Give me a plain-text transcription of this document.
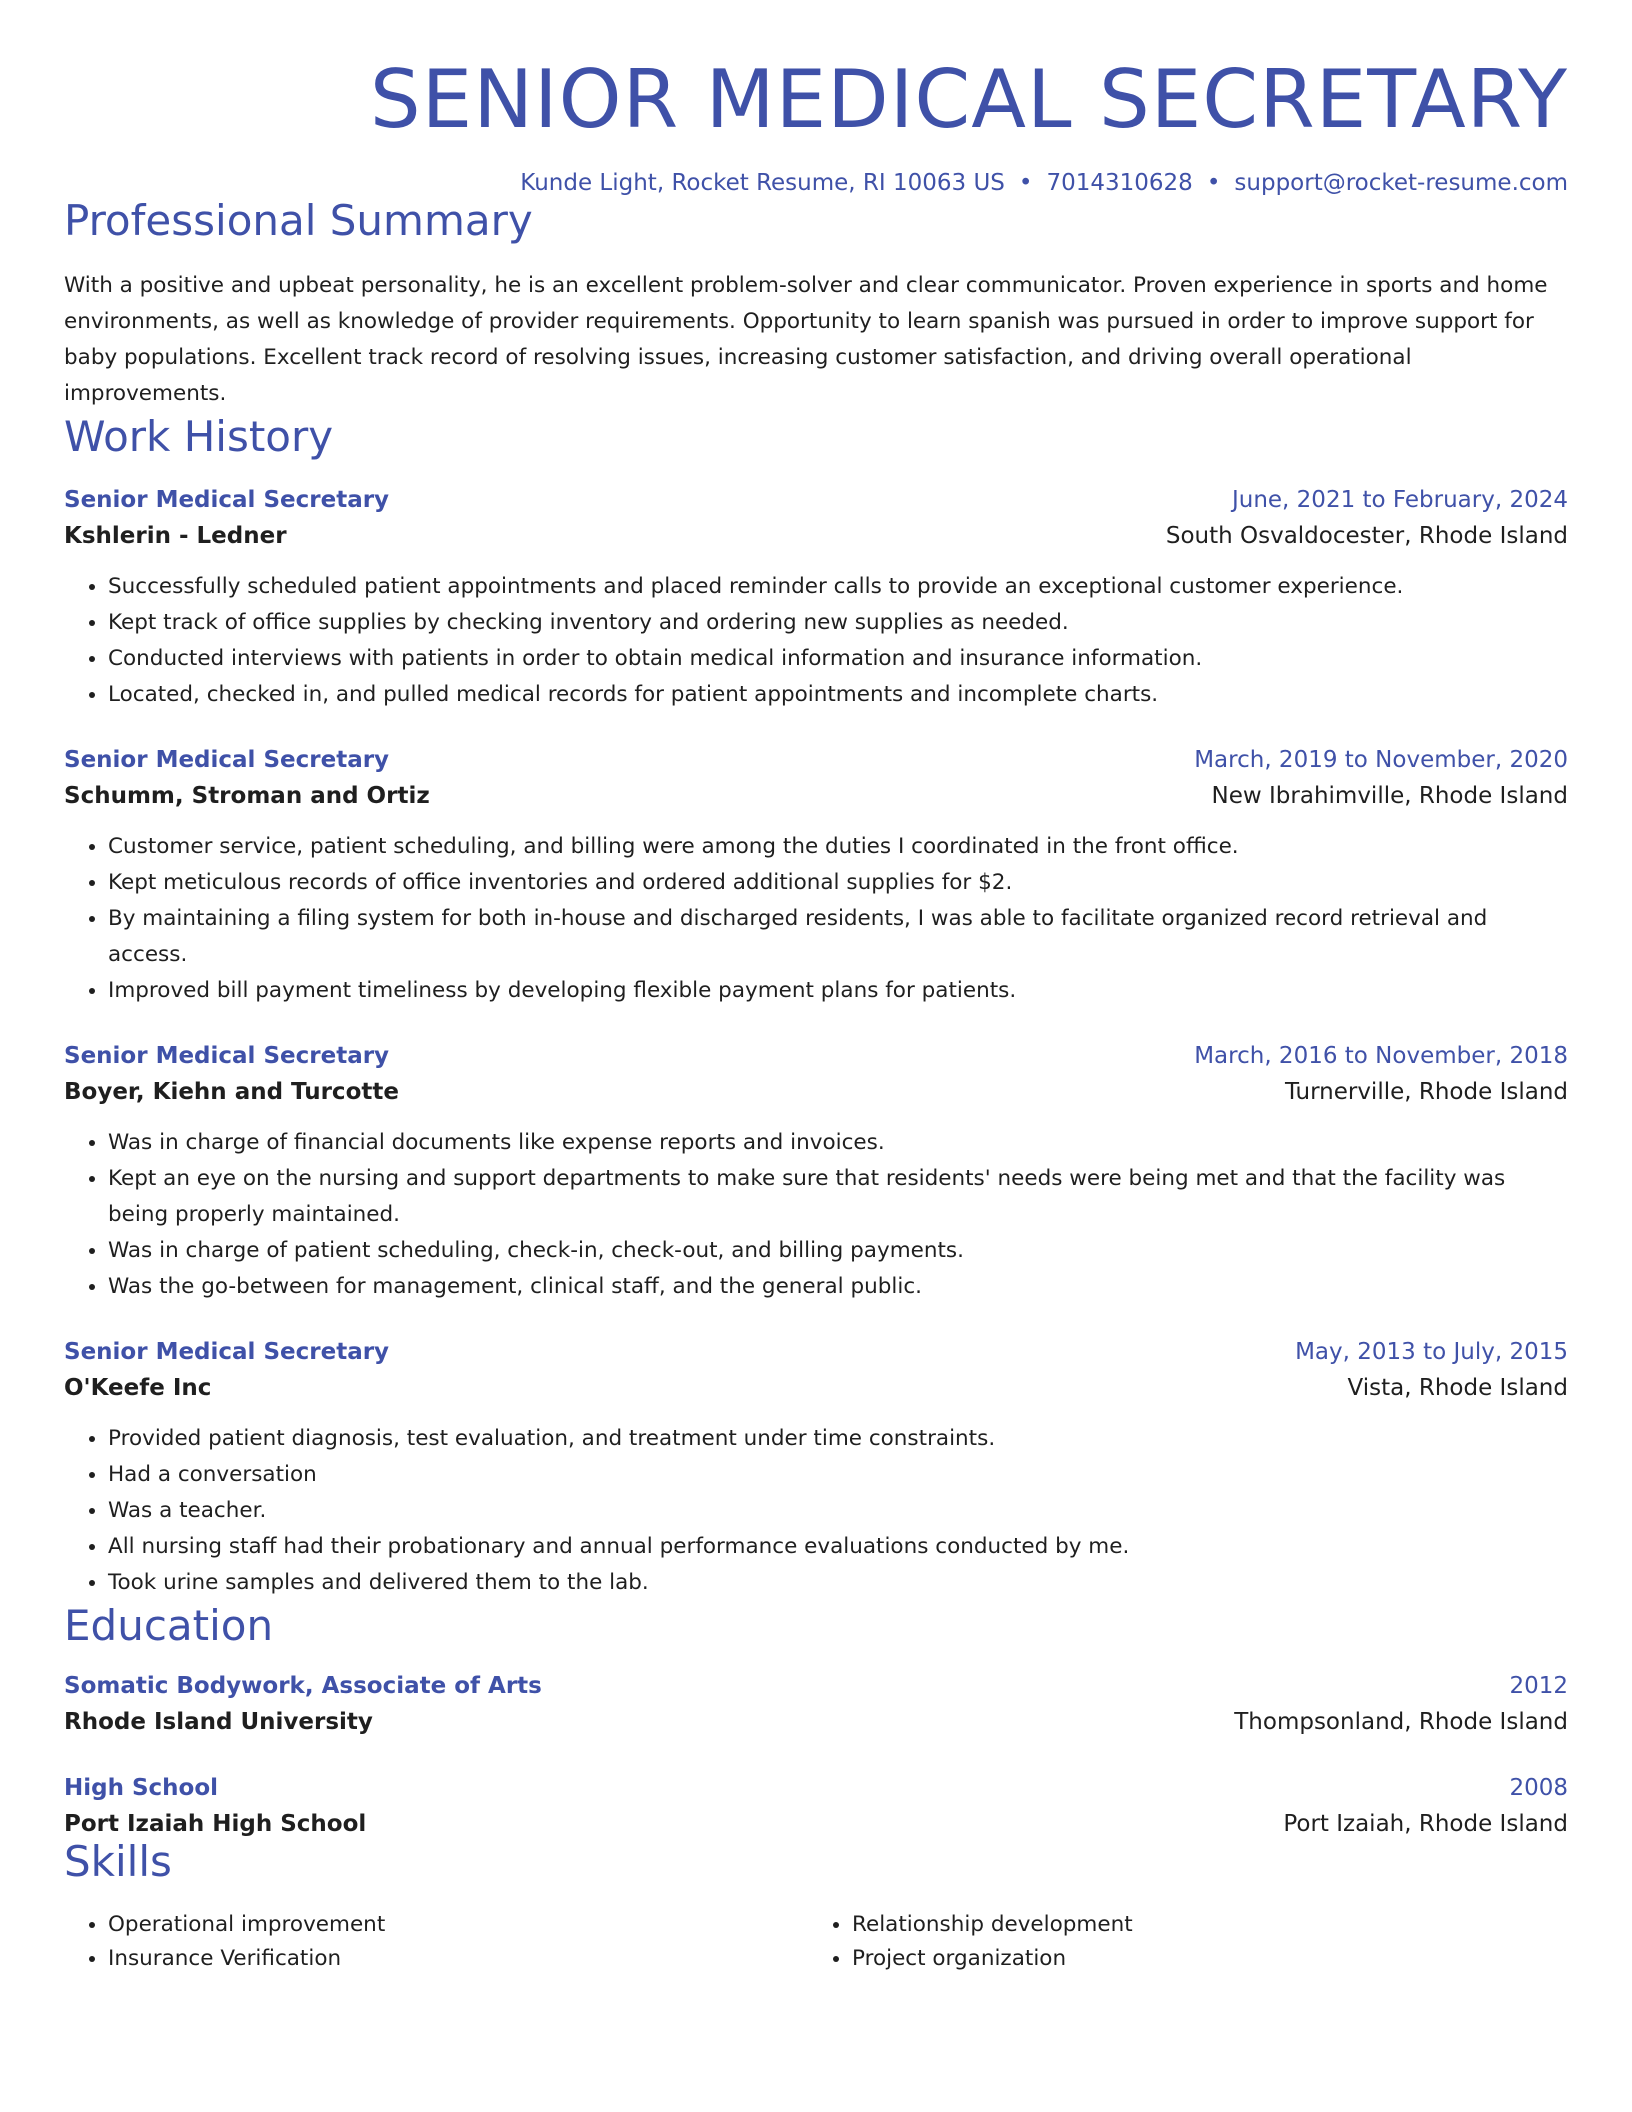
SENIOR MEDICAL SECRETARY
Kunde Light, Rocket Resume, RI 10063 US • 7014310628 • support@rocket-resume.com
Professional Summary
With a positive and upbeat personality, he is an excellent problem-solver and clear communicator. Proven experience in sports and home environments, as well as knowledge of provider requirements. Opportunity to learn spanish was pursued in order to improve support for baby populations. Excellent track record of resolving issues, increasing customer satisfaction, and driving overall operational improvements.
Work History
Senior Medical Secretary	June, 2021 to February, 2024
Kshlerin - Ledner	South Osvaldocester, Rhode Island
• Successfully scheduled patient appointments and placed reminder calls to provide an exceptional customer experience.
• Kept track of office supplies by checking inventory and ordering new supplies as needed.
• Conducted interviews with patients in order to obtain medical information and insurance information.
• Located, checked in, and pulled medical records for patient appointments and incomplete charts.
Senior Medical Secretary	March, 2019 to November, 2020
Schumm, Stroman and Ortiz	New Ibrahimville, Rhode Island
• Customer service, patient scheduling, and billing were among the duties I coordinated in the front office.
• Kept meticulous records of office inventories and ordered additional supplies for $2.
• By maintaining a filing system for both in-house and discharged residents, I was able to facilitate organized record retrieval and access.
• Improved bill payment timeliness by developing flexible payment plans for patients.
Senior Medical Secretary	March, 2016 to November, 2018
Boyer, Kiehn and Turcotte	Turnerville, Rhode Island
• Was in charge of financial documents like expense reports and invoices.
• Kept an eye on the nursing and support departments to make sure that residents' needs were being met and that the facility was being properly maintained.
• Was in charge of patient scheduling, check-in, check-out, and billing payments.
• Was the go-between for management, clinical staff, and the general public.
Senior Medical Secretary	May, 2013 to July, 2015
O'Keefe Inc	Vista, Rhode Island
• Provided patient diagnosis, test evaluation, and treatment under time constraints.
• Had a conversation
• Was a teacher.
• All nursing staff had their probationary and annual performance evaluations conducted by me.
• Took urine samples and delivered them to the lab.
Education
Somatic Bodywork, Associate of Arts	2012
Rhode Island University	Thompsonland, Rhode Island
High School	2008
Port Izaiah High School	Port Izaiah, Rhode Island
Skills
• Operational improvement
• Insurance Verification
• Relationship development
• Project organization
